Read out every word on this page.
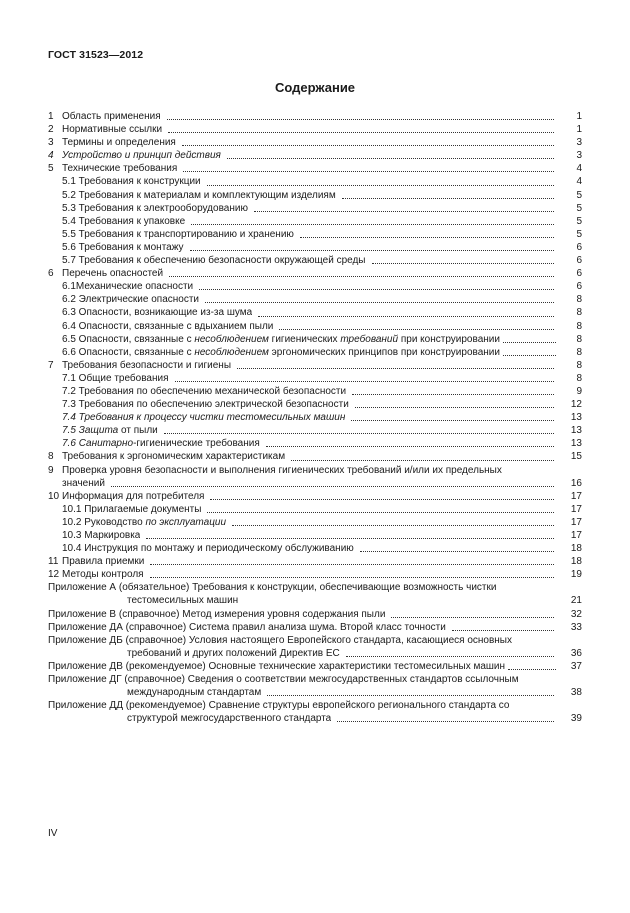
ГОСТ 31523—2012
Содержание
1 Область применения	1
2 Нормативные ссылки	1
3 Термины и определения	3
4 Устройство и принцип действия	3
5 Технические требования	4
5.1 Требования к конструкции	4
5.2 Требования к материалам и комплектующим изделиям	5
5.3 Требования к электрооборудованию	5
5.4 Требования к упаковке	5
5.5 Требования к транспортированию и хранению	5
5.6 Требования к монтажу	6
5.7 Требования к обеспечению безопасности окружающей среды	6
6 Перечень опасностей	6
6.1Механические опасности	6
6.2 Электрические опасности	8
6.3 Опасности, возникающие из-за шума	8
6.4 Опасности, связанные с вдыханием пыли	8
6.5 Опасности, связанные с несоблюдением гигиенических требований при конструировании	8
6.6 Опасности, связанные с несоблюдением эргономических принципов при конструировании	8
7 Требования безопасности и гигиены	8
7.1 Общие требования	8
7.2 Требования по обеспечению механической безопасности	9
7.3 Требования по обеспечению электрической безопасности	12
7.4 Требования к процессу чистки тестомесильных машин	13
7.5 Защита от пыли	13
7.6 Санитарно-гигиенические требования	13
8 Требования к эргономическим характеристикам	15
9 Проверка уровня безопасности и выполнения гигиенических требований и/или их предельных
значений	16
10 Информация для потребителя	17
10.1 Прилагаемые документы	17
10.2 Руководство по эксплуатации	17
10.3 Маркировка	17
10.4 Инструкция по монтажу и периодическому обслуживанию	18
11 Правила приемки	18
12 Методы контроля	19
Приложение А (обязательное) Требования к конструкции, обеспечивающие возможность чистки
тестомесильных машин	21
Приложение В (справочное) Метод измерения уровня содержания пыли	32
Приложение ДА (справочное) Система правил анализа шума. Второй класс точности	33
Приложение ДБ (справочное) Условия настоящего Европейского стандарта, касающиеся основных
требований и других положений Директив ЕС	36
Приложение ДВ (рекомендуемое) Основные технические характеристики тестомесильных машин	37
Приложение ДГ (справочное) Сведения о соответствии межгосударственных стандартов ссылочным
международным стандартам	38
Приложение ДД (рекомендуемое) Сравнение структуры европейского регионального стандарта со
структурой межгосударственного стандарта	39
IV
